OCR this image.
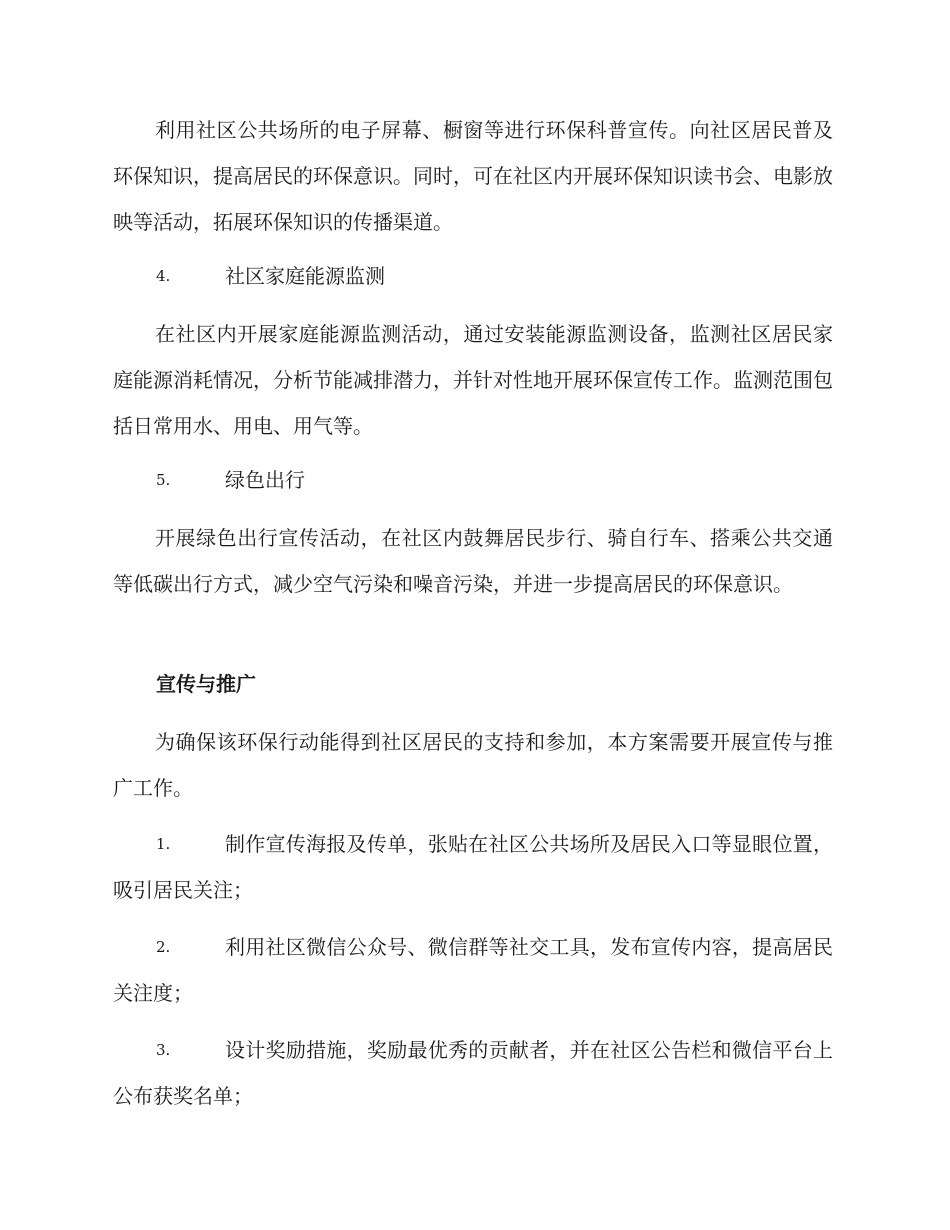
利用社区公共场所的电子屏幕、橱窗等进行环保科普宣传。向社区居民普及环保知识，提高居民的环保意识。同时，可在社区内开展环保知识读书会、电影放映等活动，拓展环保知识的传播渠道。

4.	社区家庭能源监测

在社区内开展家庭能源监测活动，通过安装能源监测设备，监测社区居民家庭能源消耗情况，分析节能减排潜力，并针对性地开展环保宣传工作。监测范围包括日常用水、用电、用气等。

5.	绿色出行

开展绿色出行宣传活动，在社区内鼓舞居民步行、骑自行车、搭乘公共交通等低碳出行方式，减少空气污染和噪音污染，并进一步提高居民的环保意识。

宣传与推广

为确保该环保行动能得到社区居民的支持和参加，本方案需要开展宣传与推广工作。

1.	制作宣传海报及传单，张贴在社区公共场所及居民入口等显眼位置，吸引居民关注；
2.	利用社区微信公众号、微信群等社交工具，发布宣传内容，提高居民关注度；
3.	设计奖励措施，奖励最优秀的贡献者，并在社区公告栏和微信平台上公布获奖名单；
